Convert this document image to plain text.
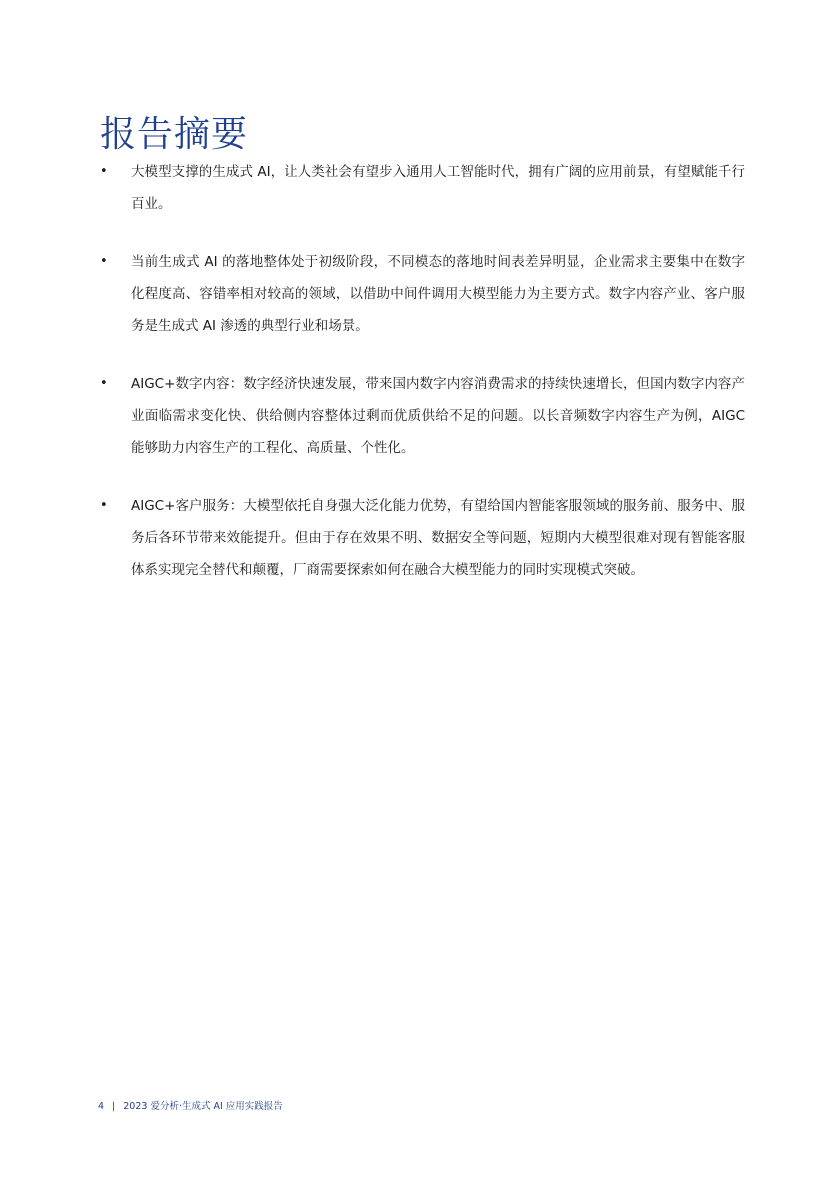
报告摘要
• 大模型支撑的生成式 AI，让人类社会有望步入通用人工智能时代，拥有广阔的应用前景，有望赋能千行百业。
• 当前生成式 AI 的落地整体处于初级阶段，不同模态的落地时间表差异明显，企业需求主要集中在数字化程度高、容错率相对较高的领域，以借助中间件调用大模型能力为主要方式。数字内容产业、客户服务是生成式 AI 渗透的典型行业和场景。
• AIGC+数字内容：数字经济快速发展，带来国内数字内容消费需求的持续快速增长，但国内数字内容产业面临需求变化快、供给侧内容整体过剩而优质供给不足的问题。以长音频数字内容生产为例，AIGC 能够助力内容生产的工程化、高质量、个性化。
• AIGC+客户服务：大模型依托自身强大泛化能力优势，有望给国内智能客服领域的服务前、服务中、服务后各环节带来效能提升。但由于存在效果不明、数据安全等问题，短期内大模型很难对现有智能客服体系实现完全替代和颠覆，厂商需要探索如何在融合大模型能力的同时实现模式突破。
4 | 2023 爱分析·生成式 AI 应用实践报告
